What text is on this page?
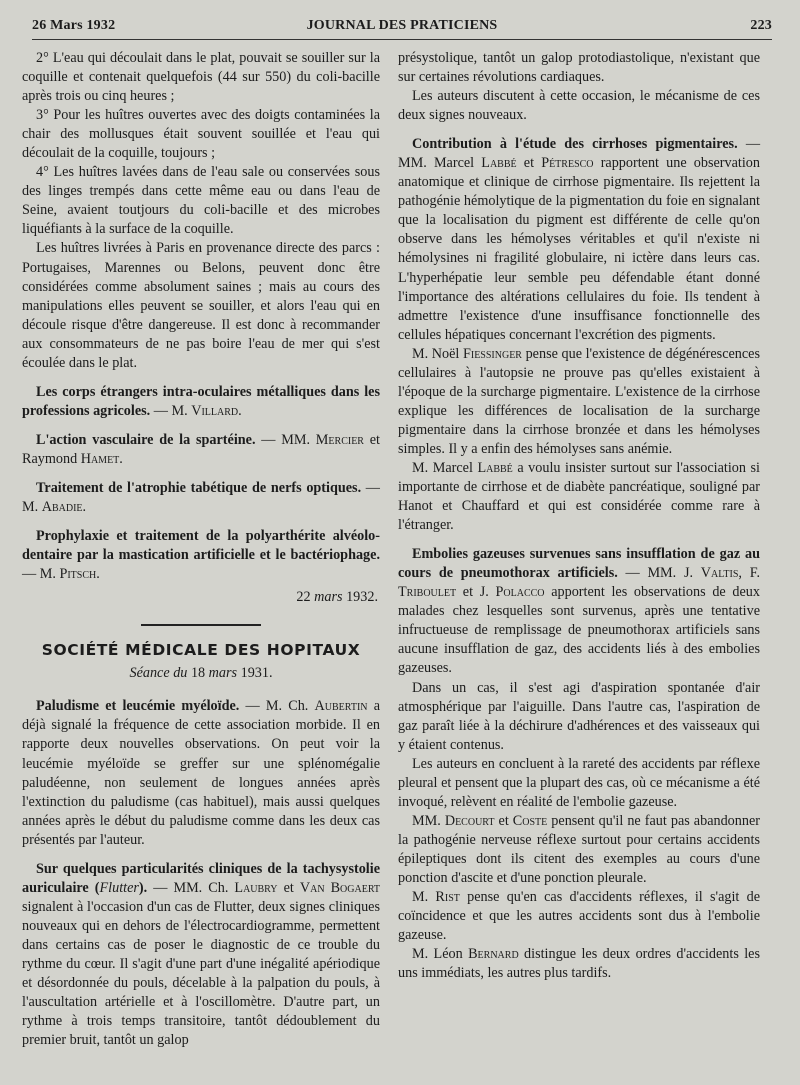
26 Mars 1932	JOURNAL DES PRATICIENS	223

2° L'eau qui découlait dans le plat, pouvait se souiller sur la coquille et contenait quelquefois (44 sur 550) du coli-bacille après trois ou cinq heures ;

3° Pour les huîtres ouvertes avec des doigts contaminées la chair des mollusques était souvent souillée et l'eau qui découlait de la coquille, toujours ;

4° Les huîtres lavées dans de l'eau sale ou conservées sous des linges trempés dans cette même eau ou dans l'eau de Seine, avaient toutjours du coli-bacille et des microbes liquéfiants à la surface de la coquille.

Les huîtres livrées à Paris en provenance directe des parcs : Portugaises, Marennes ou Belons, peuvent donc être considérées comme absolument saines ; mais au cours des manipulations elles peuvent se souiller, et alors l'eau qui en découle risque d'être dangereuse. Il est donc à recommander aux consommateurs de ne pas boire l'eau de mer qui s'est écoulée dans le plat.

Les corps étrangers intra-oculaires métalliques dans les professions agricoles. — M. Villard.

L'action vasculaire de la spartéine. — MM. Mercier et Raymond Hamet.

Traitement de l'atrophie tabétique de nerfs optiques. — M. Abadie.

Prophylaxie et traitement de la polyarthérite alvéolo-dentaire par la mastication artificielle et le bactériophage. — M. Pitsch.

22 mars 1932.
SOCIÉTÉ MÉDICALE DES HOPITAUX
Séance du 18 mars 1931.

Paludisme et leucémie myéloïde. — M. Ch. Aubertin a déjà signalé la fréquence de cette association morbide. Il en rapporte deux nouvelles observations. On peut voir la leucémie myéloïde se greffer sur une splénomégalie paludéenne, non seulement de longues années après l'extinction du paludisme (cas habituel), mais aussi quelques années après le début du paludisme comme dans les deux cas présentés par l'auteur.

Sur quelques particularités cliniques de la tachysystolie auriculaire (Flutter). — MM. Ch. Laubry et Van Bogaert signalent à l'occasion d'un cas de Flutter, deux signes cliniques nouveaux qui en dehors de l'électrocardiogramme, permettent dans certains cas de poser le diagnostic de ce trouble du rythme du cœur. Il s'agit d'une part d'une inégalité apériodique et désordonnée du pouls, décelable à la palpation du pouls, à l'auscultation artérielle et à l'oscillomètre. D'autre part, un rythme à trois temps transitoire, tantôt dédoublement du premier bruit, tantôt un galop

présystolique, tantôt un galop protodiastolique, n'existant que sur certaines révolutions cardiaques.

Les auteurs discutent à cette occasion, le mécanisme de ces deux signes nouveaux.

Contribution à l'étude des cirrhoses pigmentaires. — MM. Marcel Labbé et Pétresco rapportent une observation anatomique et clinique de cirrhose pigmentaire. Ils rejettent la pathogénie hémolytique de la pigmentation du foie en signalant que la localisation du pigment est différente de celle qu'on observe dans les hémolyses véritables et qu'il n'existe ni hémolysines ni fragilité globulaire, ni ictère dans leurs cas. L'hyperhépatie leur semble peu défendable étant donné l'importance des altérations cellulaires du foie. Ils tendent à admettre l'existence d'une insuffisance fonctionnelle des cellules hépatiques concernant l'excrétion des pigments.

M. Noël Fiessinger pense que l'existence de dégénérescences cellulaires à l'autopsie ne prouve pas qu'elles existaient à l'époque de la surcharge pigmentaire. L'existence de la cirrhose explique les différences de localisation de la surcharge pigmentaire dans la cirrhose bronzée et dans les hémolyses simples. Il y a enfin des hémolyses sans anémie.

M. Marcel Labbé a voulu insister surtout sur l'association si importante de cirrhose et de diabète pancréatique, souligné par Hanot et Chauffard et qui est considérée comme rare à l'étranger.

Embolies gazeuses survenues sans insufflation de gaz au cours de pneumothorax artificiels. — MM. J. Valtis, F. Triboulet et J. Polacco apportent les observations de deux malades chez lesquelles sont survenus, après une tentative infructueuse de remplissage de pneumothorax artificiels sans aucune insufflation de gaz, des accidents liés à des embolies gazeuses.

Dans un cas, il s'est agi d'aspiration spontanée d'air atmosphérique par l'aiguille. Dans l'autre cas, l'aspiration de gaz paraît liée à la déchirure d'adhérences et des vaisseaux qui y étaient contenus.

Les auteurs en concluent à la rareté des accidents par réflexe pleural et pensent que la plupart des cas, où ce mécanisme a été invoqué, relèvent en réalité de l'embolie gazeuse.

MM. Decourt et Coste pensent qu'il ne faut pas abandonner la pathogénie nerveuse réflexe surtout pour certains accidents épileptiques dont ils citent des exemples au cours d'une ponction d'ascite et d'une ponction pleurale.

M. Rist pense qu'en cas d'accidents réflexes, il s'agit de coïncidence et que les autres accidents sont dus à l'embolie gazeuse.

M. Léon Bernard distingue les deux ordres d'accidents les uns immédiats, les autres plus tardifs.
